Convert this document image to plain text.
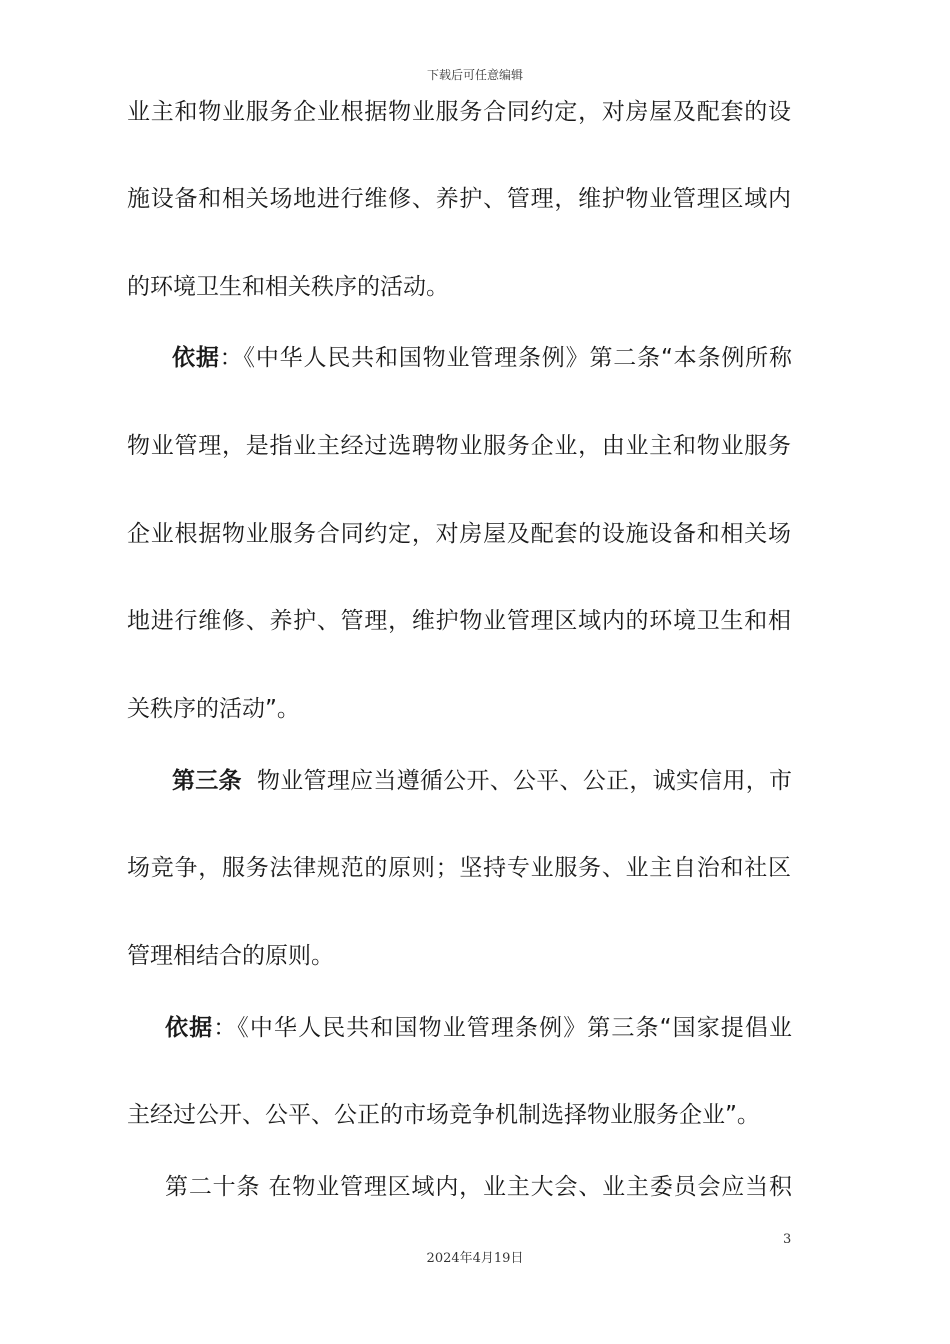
下载后可任意编辑
业主和物业服务企业根据物业服务合同约定，对房屋及配套的设
施设备和相关场地进行维修、养护、管理，维护物业管理区域内
的环境卫生和相关秩序的活动。
依据：《中华人民共和国物业管理条例》第二条“本条例所称
物业管理，是指业主经过选聘物业服务企业，由业主和物业服务
企业根据物业服务合同约定，对房屋及配套的设施设备和相关场
地进行维修、养护、管理，维护物业管理区域内的环境卫生和相
关秩序的活动”。
第三条  物业管理应当遵循公开、公平、公正，诚实信用，市
场竞争，服务法律规范的原则；坚持专业服务、业主自治和社区
管理相结合的原则。
依据：《中华人民共和国物业管理条例》第三条“国家提倡业
主经过公开、公平、公正的市场竞争机制选择物业服务企业”。
第二十条 在物业管理区域内，业主大会、业主委员会应当积
3
2024年4月19日
